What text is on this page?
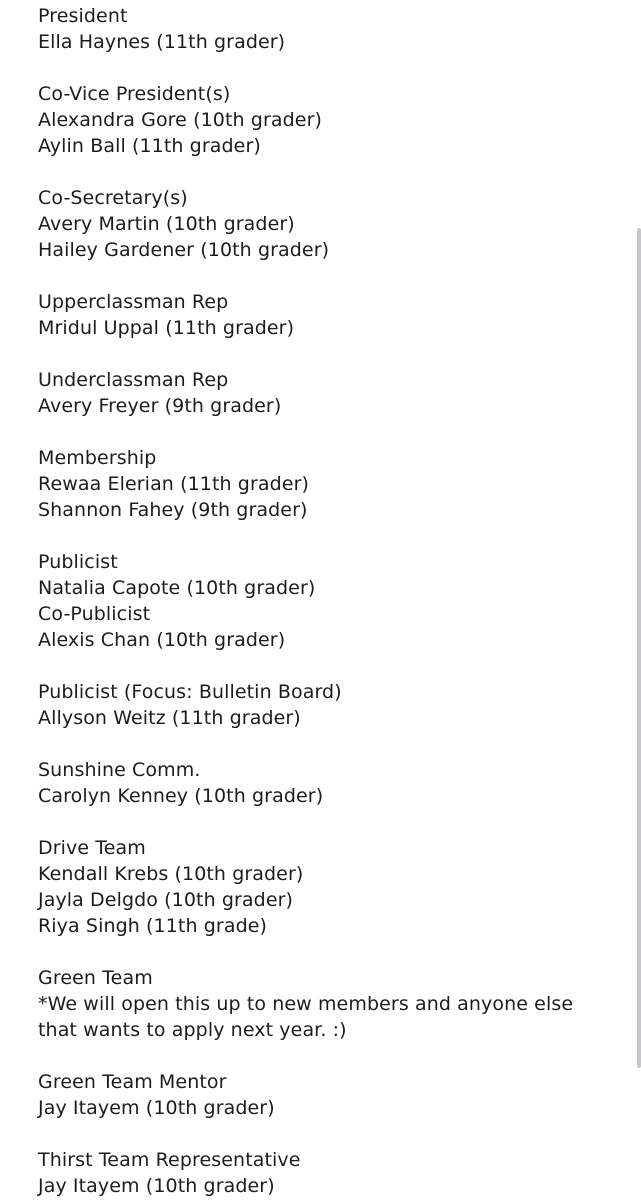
President
Ella Haynes (11th grader)
Co-Vice President(s)
Alexandra Gore (10th grader)
Aylin Ball (11th grader)
Co-Secretary(s)
Avery Martin (10th grader)
Hailey Gardener (10th grader)
Upperclassman Rep
Mridul Uppal (11th grader)
Underclassman Rep
Avery Freyer (9th grader)
Membership
Rewaa Elerian (11th grader)
Shannon Fahey (9th grader)
Publicist
Natalia Capote (10th grader)
Co-Publicist
Alexis Chan (10th grader)
Publicist (Focus: Bulletin Board)
Allyson Weitz (11th grader)
Sunshine Comm.
Carolyn Kenney (10th grader)
Drive Team
Kendall Krebs (10th grader)
Jayla Delgdo (10th grader)
Riya Singh (11th grade)
Green Team
*We will open this up to new members and anyone else that wants to apply next year. :)
Green Team Mentor
Jay Itayem (10th grader)
Thirst Team Representative
Jay Itayem (10th grader)
